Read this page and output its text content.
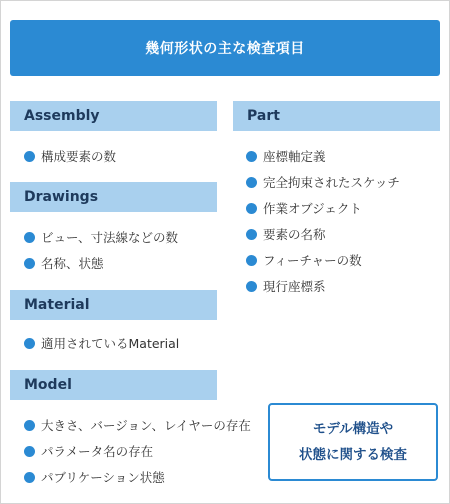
幾何形状の主な検査項目
Assembly
構成要素の数
Drawings
ビュー、寸法線などの数
名称、状態
Material
適用されているMaterial
Model
大きさ、バージョン、レイヤーの存在
パラメータ名の存在
パブリケーション状態
Part
座標軸定義
完全拘束されたスケッチ
作業オブジェクト
要素の名称
フィーチャーの数
現行座標系
モデル構造や
状態に関する検査
